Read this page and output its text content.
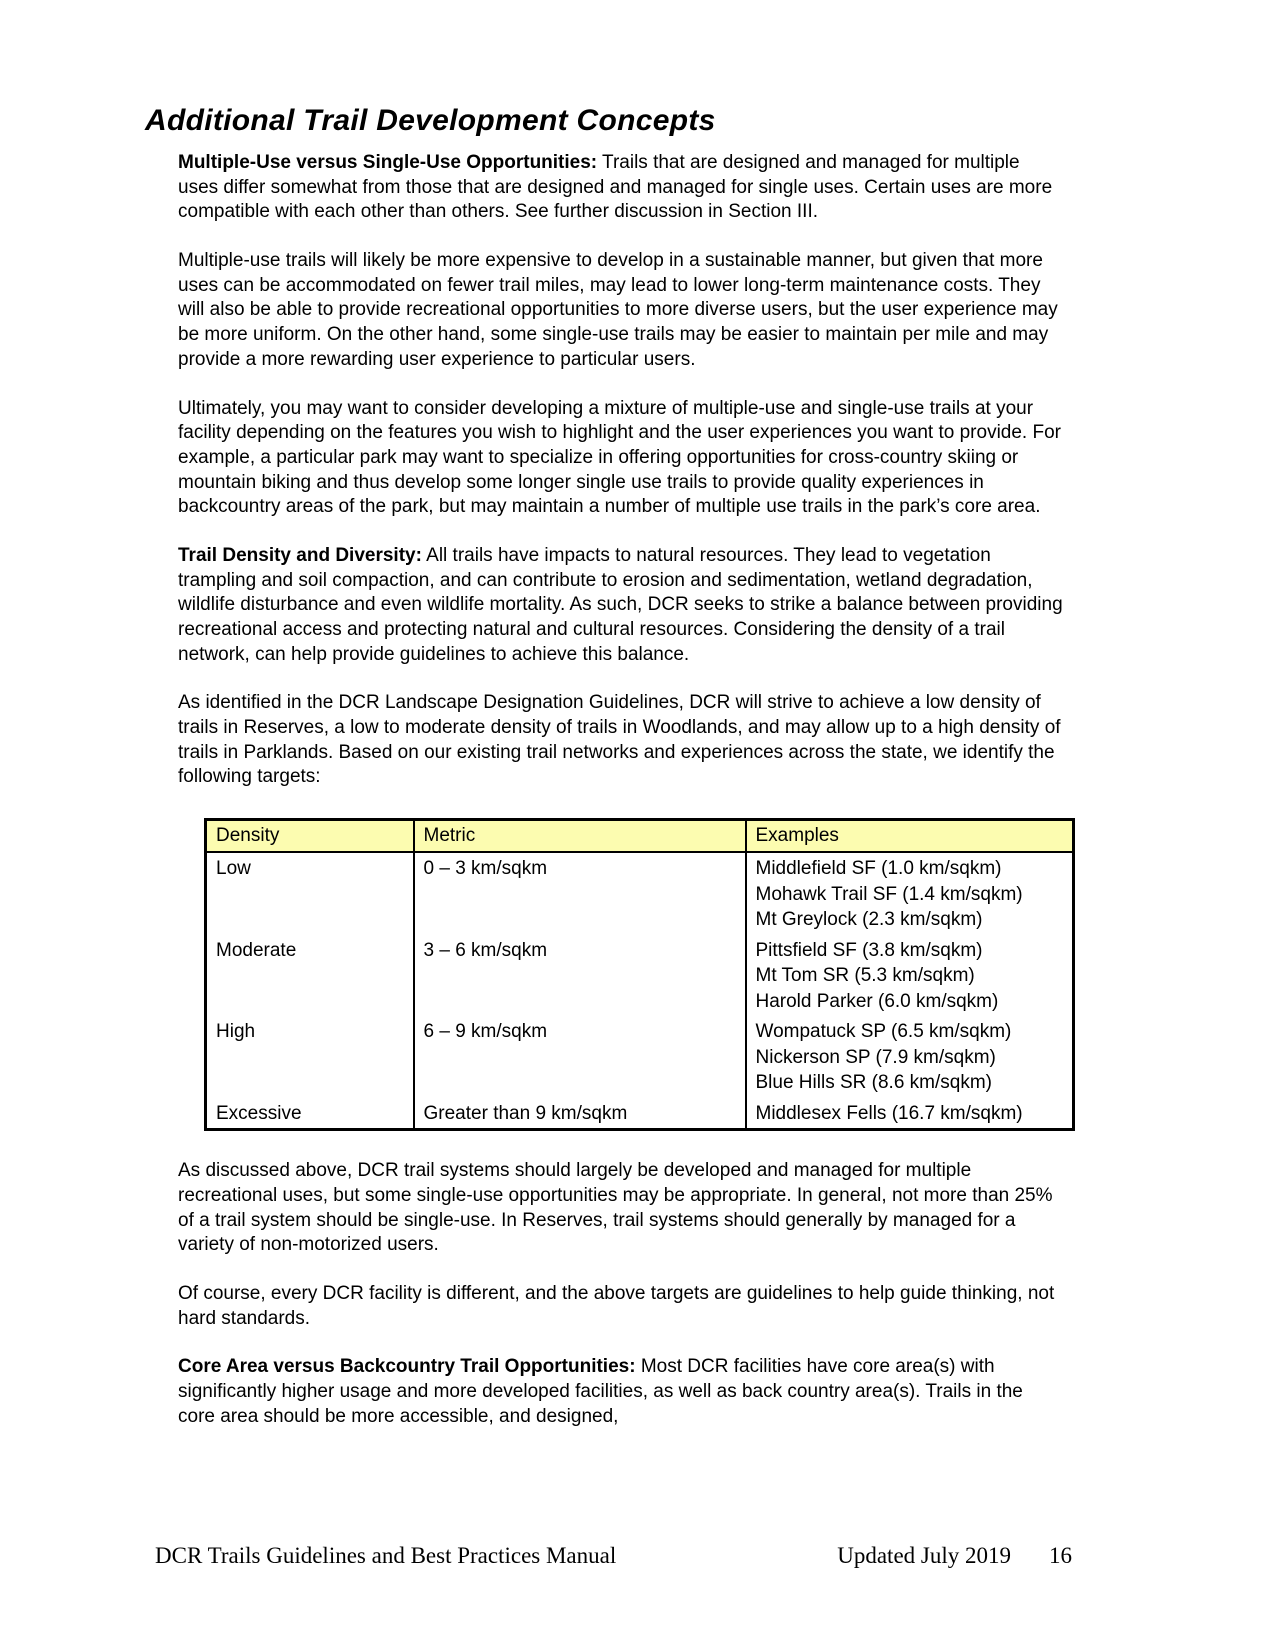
Additional Trail Development Concepts

Multiple-Use versus Single-Use Opportunities: Trails that are designed and managed for multiple uses differ somewhat from those that are designed and managed for single uses. Certain uses are more compatible with each other than others. See further discussion in Section III.

Multiple-use trails will likely be more expensive to develop in a sustainable manner, but given that more uses can be accommodated on fewer trail miles, may lead to lower long-term maintenance costs. They will also be able to provide recreational opportunities to more diverse users, but the user experience may be more uniform. On the other hand, some single-use trails may be easier to maintain per mile and may provide a more rewarding user experience to particular users.

Ultimately, you may want to consider developing a mixture of multiple-use and single-use trails at your facility depending on the features you wish to highlight and the user experiences you want to provide. For example, a particular park may want to specialize in offering opportunities for cross-country skiing or mountain biking and thus develop some longer single use trails to provide quality experiences in backcountry areas of the park, but may maintain a number of multiple use trails in the park’s core area.

Trail Density and Diversity: All trails have impacts to natural resources. They lead to vegetation trampling and soil compaction, and can contribute to erosion and sedimentation, wetland degradation, wildlife disturbance and even wildlife mortality. As such, DCR seeks to strike a balance between providing recreational access and protecting natural and cultural resources. Considering the density of a trail network, can help provide guidelines to achieve this balance.

As identified in the DCR Landscape Designation Guidelines, DCR will strive to achieve a low density of trails in Reserves, a low to moderate density of trails in Woodlands, and may allow up to a high density of trails in Parklands. Based on our existing trail networks and experiences across the state, we identify the following targets:

Density	Metric	Examples
Low	0 – 3 km/sqkm	Middlefield SF (1.0 km/sqkm)
Mohawk Trail SF (1.4 km/sqkm)
Mt Greylock (2.3 km/sqkm)

Moderate	3 – 6 km/sqkm	Pittsfield SF (3.8 km/sqkm)
Mt Tom SR (5.3 km/sqkm)
Harold Parker (6.0 km/sqkm)

High	6 – 9 km/sqkm	Wompatuck SP (6.5 km/sqkm)
Nickerson SP (7.9 km/sqkm)
Blue Hills SR (8.6 km/sqkm)

Excessive	Greater than 9 km/sqkm	Middlesex Fells (16.7 km/sqkm)

As discussed above, DCR trail systems should largely be developed and managed for multiple recreational uses, but some single-use opportunities may be appropriate. In general, not more than 25% of a trail system should be single-use. In Reserves, trail systems should generally by managed for a variety of non-motorized users.

Of course, every DCR facility is different, and the above targets are guidelines to help guide thinking, not hard standards.

Core Area versus Backcountry Trail Opportunities: Most DCR facilities have core area(s) with significantly higher usage and more developed facilities, as well as back country area(s). Trails in the core area should be more accessible, and designed,

DCR Trails Guidelines and Best Practices Manual	Updated July 2019 16
